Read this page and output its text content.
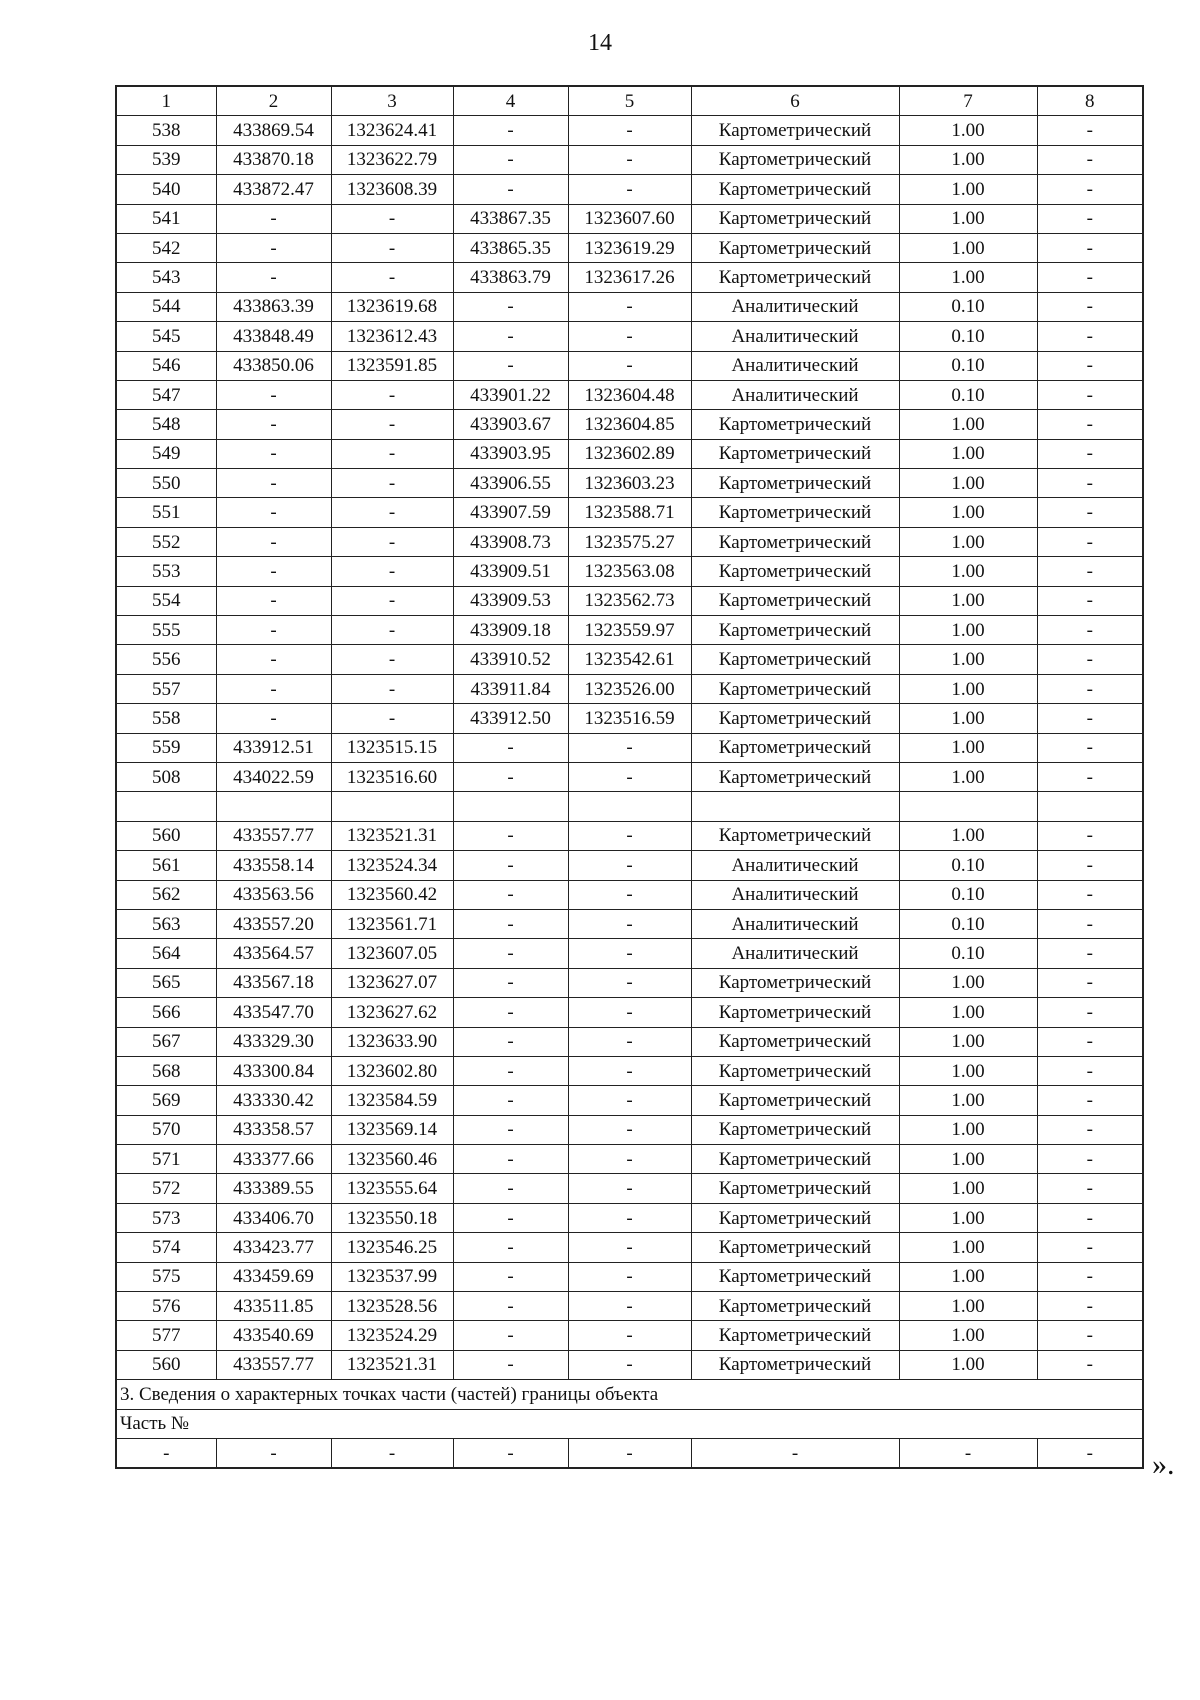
14
1	2	3	4	5	6	7	8
538	433869.54	1323624.41	-	-	Картометрический	1.00	-
539	433870.18	1323622.79	-	-	Картометрический	1.00	-
540	433872.47	1323608.39	-	-	Картометрический	1.00	-
541	-	-	433867.35	1323607.60	Картометрический	1.00	-
542	-	-	433865.35	1323619.29	Картометрический	1.00	-
543	-	-	433863.79	1323617.26	Картометрический	1.00	-
544	433863.39	1323619.68	-	-	Аналитический	0.10	-
545	433848.49	1323612.43	-	-	Аналитический	0.10	-
546	433850.06	1323591.85	-	-	Аналитический	0.10	-
547	-	-	433901.22	1323604.48	Аналитический	0.10	-
548	-	-	433903.67	1323604.85	Картометрический	1.00	-
549	-	-	433903.95	1323602.89	Картометрический	1.00	-
550	-	-	433906.55	1323603.23	Картометрический	1.00	-
551	-	-	433907.59	1323588.71	Картометрический	1.00	-
552	-	-	433908.73	1323575.27	Картометрический	1.00	-
553	-	-	433909.51	1323563.08	Картометрический	1.00	-
554	-	-	433909.53	1323562.73	Картометрический	1.00	-
555	-	-	433909.18	1323559.97	Картометрический	1.00	-
556	-	-	433910.52	1323542.61	Картометрический	1.00	-
557	-	-	433911.84	1323526.00	Картометрический	1.00	-
558	-	-	433912.50	1323516.59	Картометрический	1.00	-
559	433912.51	1323515.15	-	-	Картометрический	1.00	-
508	434022.59	1323516.60	-	-	Картометрический	1.00	-

560	433557.77	1323521.31	-	-	Картометрический	1.00	-
561	433558.14	1323524.34	-	-	Аналитический	0.10	-
562	433563.56	1323560.42	-	-	Аналитический	0.10	-
563	433557.20	1323561.71	-	-	Аналитический	0.10	-
564	433564.57	1323607.05	-	-	Аналитический	0.10	-
565	433567.18	1323627.07	-	-	Картометрический	1.00	-
566	433547.70	1323627.62	-	-	Картометрический	1.00	-
567	433329.30	1323633.90	-	-	Картометрический	1.00	-
568	433300.84	1323602.80	-	-	Картометрический	1.00	-
569	433330.42	1323584.59	-	-	Картометрический	1.00	-
570	433358.57	1323569.14	-	-	Картометрический	1.00	-
571	433377.66	1323560.46	-	-	Картометрический	1.00	-
572	433389.55	1323555.64	-	-	Картометрический	1.00	-
573	433406.70	1323550.18	-	-	Картометрический	1.00	-
574	433423.77	1323546.25	-	-	Картометрический	1.00	-
575	433459.69	1323537.99	-	-	Картометрический	1.00	-
576	433511.85	1323528.56	-	-	Картометрический	1.00	-
577	433540.69	1323524.29	-	-	Картометрический	1.00	-
560	433557.77	1323521.31	-	-	Картометрический	1.00	-
3. Сведения о характерных точках части (частей) границы объекта							
Часть №							
-	-	-	-	-	-	-	- ».
